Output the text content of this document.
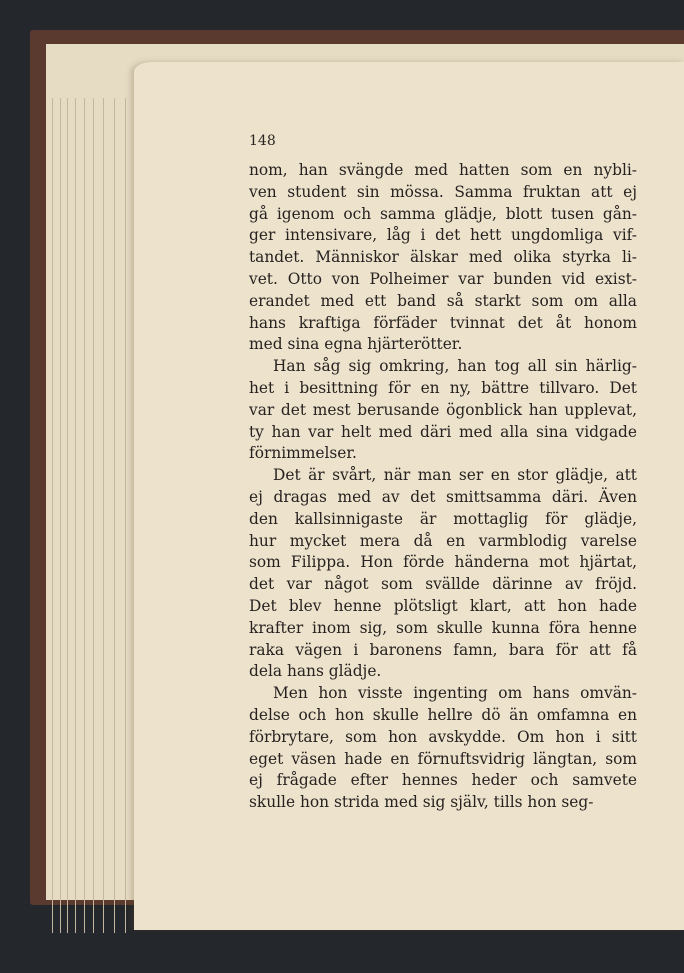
148
nom, han svängde med hatten som en nybli-
ven student sin mössa. Samma fruktan att ej
gå igenom och samma glädje, blott tusen gån-
ger intensivare, låg i det hett ungdomliga vif-
tandet. Människor älskar med olika styrka li-
vet. Otto von Polheimer var bunden vid exist-
erandet med ett band så starkt som om alla
hans kraftiga förfäder tvinnat det åt honom
med sina egna hjärterötter.
Han såg sig omkring, han tog all sin härlig-
het i besittning för en ny, bättre tillvaro. Det
var det mest berusande ögonblick han upplevat,
ty han var helt med däri med alla sina vidgade
förnimmelser.
Det är svårt, när man ser en stor glädje, att
ej dragas med av det smittsamma däri. Även
den kallsinnigaste är mottaglig för glädje,
hur mycket mera då en varmblodig varelse
som Filippa. Hon förde händerna mot hjärtat,
det var något som svällde därinne av fröjd.
Det blev henne plötsligt klart, att hon hade
krafter inom sig, som skulle kunna föra henne
raka vägen i baronens famn, bara för att få
dela hans glädje.
Men hon visste ingenting om hans omvän-
delse och hon skulle hellre dö än omfamna en
förbrytare, som hon avskydde. Om hon i sitt
eget väsen hade en förnuftsvidrig längtan, som
ej frågade efter hennes heder och samvete
skulle hon strida med sig själv, tills hon seg-
